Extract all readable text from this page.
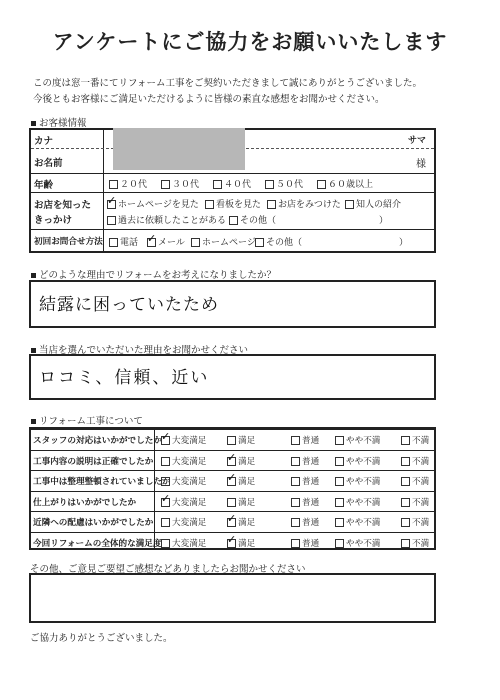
アンケートにご協力をお願いいたします
この度は窓一番にてリフォーム工事をご契約いただきまして誠にありがとうございました。
今後ともお客様にご満足いただけるように皆様の素直な感想をお聞かせください。
お客様情報
カナ	サマ
お名前	様
年齢	２０代	３０代	４０代	５０代	６０歳以上
お店を知った
きっかけ
✓ホームページを見た	看板を見た	お店をみつけた	知人の紹介
過去に依頼したことがある	その他（	）
初回お問合せ方法	電話 ✓	メール	ホームページ	その他（	）
どのような理由でリフォームをお考えになりましたか？
結露に困っていたため
当店を選んでいただいた理由をお聞かせください
ロコミ、信頼、近い
リフォーム工事について
スタッフの対応はいかがでしたか ✓	大変満足	満足	普通	やや不満	不満
工事内容の説明は正確でしたか	大変満足 ✓	満足	普通	やや不満	不満
工事中は整理整頓されていましたか 大変満足 ✓	満足	普通	やや不満	不満
仕上がりはいかがでしたか ✓	大変満足	満足	普通	やや不満	不満
近隣への配慮はいかがでしたか	大変満足 ✓	満足	普通	やや不満	不満
今回リフォームの全体的な満足度	大変満足 ✓	満足	普通	やや不満	不満
その他、ご意見ご要望ご感想などありましたらお聞かせください
ご協力ありがとうございました。
